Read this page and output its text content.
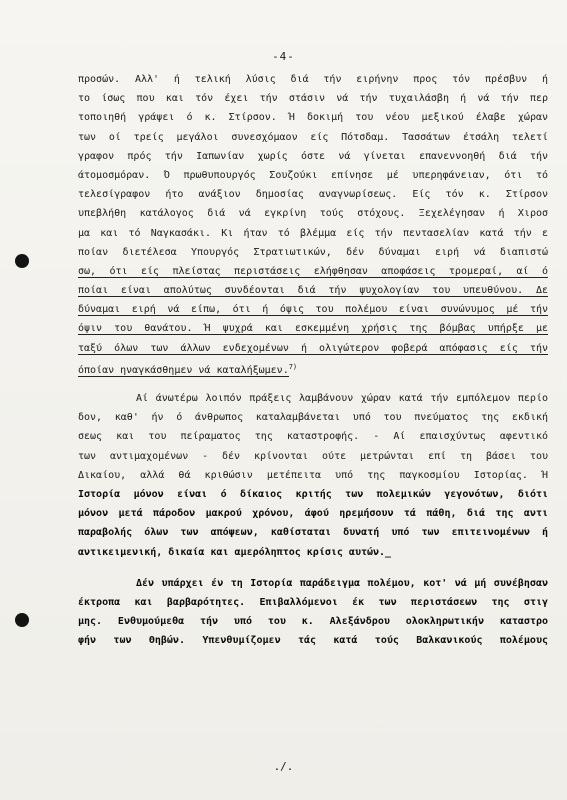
-4-
προσών. Αλλ' ή τελική λύσις διά τήν ειρήνην προς τόν πρέσβυν ή
το ίσως που και τόν έχει τήν στάσιν νά τήν τυχαιλάσβη ή νά τήν περ
τοποιηθή γράψει ό κ. Στίρσον. Ή δοκιμή του νέου μεξικού έλαβε χώραν
των οί τρείς μεγάλοι συνεσχόμαον είς Πότσδαμ. Τασσάτων έτσάλη τελετί
γραφον πρός τήν Ιαπωνίαν χωρίς όστε νά γίνεται επανεννοηθή διά τήν
άτομοσμόραν. Ό πρωθυπουργός Σουζούκι επίνησε μέ υπερηφάνειαν, ότι τό
τελεσίγραφον ήτο ανάξιον δημοσίας αναγνωρίσεως. Είς τόν κ. Στίρσον
υπεβλήθη κατάλογος διά νά εγκρίνη τούς στόχους. Ξεχελέγησαν ή Χιροσ
μα και τό Ναγκασάκι. Κι ήταν τό βλέμμα είς τήν πεντασελίαν κατά τήν ε
ποίαν διετέλεσα Υπουργός Στρατιωτικών, δέν δύναμαι ειρή νά διαπιστώ
σω, ότι είς πλείστας περιστάσεις ελήφθησαν αποφάσεις τρομεραί, αί ό
ποίαι είναι απολύτως συνδέονται διά τήν ψυχολογίαν του υπευθύνου. Δε
δύναμαι ειρή νά είπω, ότι ή όψις του πολέμου είναι συνώνυμος μέ τήν
όψιν του θανάτου. Ή ψυχρά και εσκεμμένη χρήσις της βόμβας υπήρξε με
ταξύ όλων των άλλων ενδεχομένων ή ολιγώτερον φοβερά απόφασις είς τήν
όποίαν ηναγκάσθημεν νά καταλήξωμεν.$^{7)}$
Αί άνωτέρω λοιπόν πράξεις λαμβάνουν χώραν κατά τήν εμπόλεμον περίο
δον, καθ' ήν ό άνθρωπος καταλαμβάνεται υπό του πνεύματος της εκδική
σεως και του πείραματος της καταστροφής. - Αί επαισχύντως αφεντικό
των αντιμαχομένων - δέν κρίνονται ούτε μετρώνται επί τη βάσει του
Δικαίου, αλλά θά κριθώσιν μετέπειτα υπό της παγκοσμίου Ιστορίας. Ή
Ιστορία μόνον είναι ό δίκαιος κριτής των πολεμικών γεγονότων, διότι
μόνον μετά πάροδον μακρού χρόνου, άφού ηρεμήσουν τά πάθη, διά της αντι
παραβολής όλων των απόψεων, καθίσταται δυνατή υπό των επιτεινομένων ή
αντικειμενική, δικαία και αμερόληπτος κρίσις αυτών._
Δέν υπάρχει έν τη Ιστορία παράδειγμα πολέμου, κοτ' νά μή συνέβησαν
έκτροπα και βαρβαρότητες. Επιβαλλόμενοι έκ των περιστάσεων της στιγ
μης. Ενθυμούμεθα τήν υπό του κ. Αλεξάνδρου ολοκληρωτικήν καταστρο
φήν των Θηβών. Υπενθυμίζομεν τάς κατά τούς Βαλκανικούς πολέμους
./.
